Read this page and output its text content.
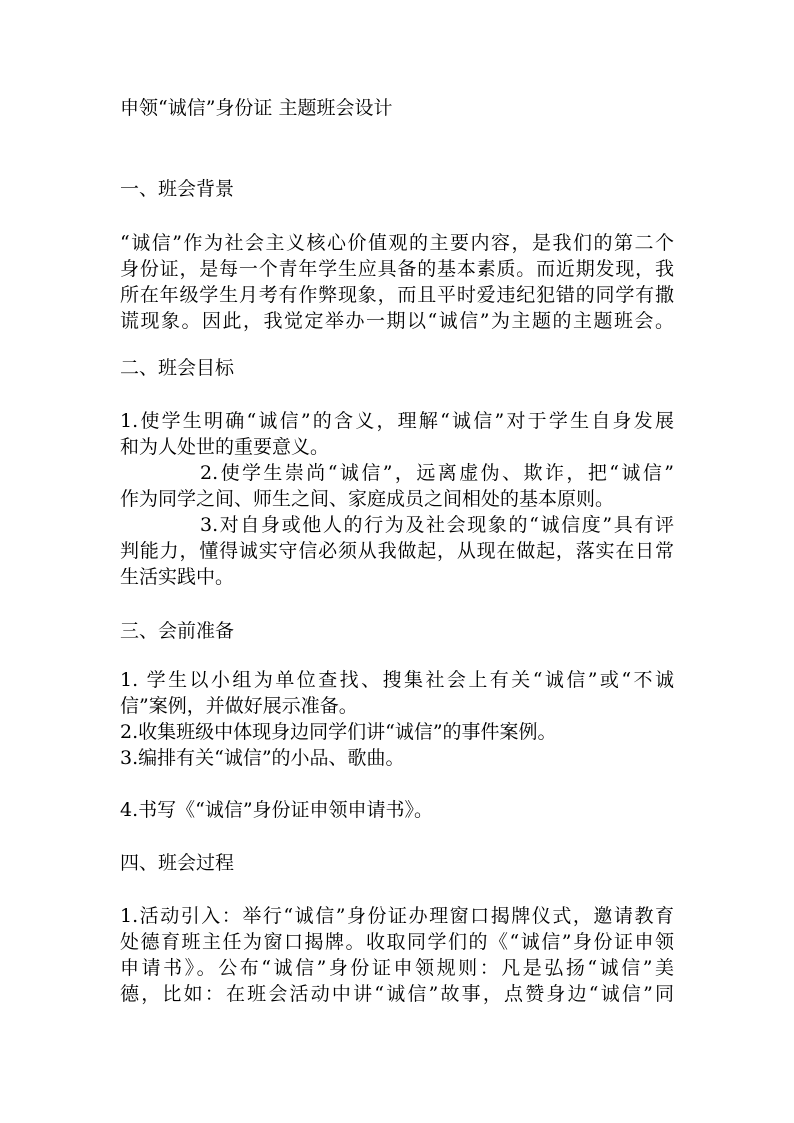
申领“诚信”身份证 主题班会设计
一、班会背景
“诚信”作为社会主义核心价值观的主要内容，是我们的第二个
身份证，是每一个青年学生应具备的基本素质。而近期发现，我
所在年级学生月考有作弊现象，而且平时爱违纪犯错的同学有撒
谎现象。因此，我觉定举办一期以“诚信”为主题的主题班会。
二、班会目标
1.使学生明确“诚信”的含义，理解“诚信”对于学生自身发展
和为人处世的重要意义。
2.使学生崇尚“诚信”，远离虚伪、欺诈，把“诚信”
作为同学之间、师生之间、家庭成员之间相处的基本原则。
3.对自身或他人的行为及社会现象的“诚信度”具有评
判能力，懂得诚实守信必须从我做起，从现在做起，落实在日常
生活实践中。
三、会前准备
1. 学生以小组为单位查找、搜集社会上有关“诚信”或“不诚
信”案例，并做好展示准备。
2.收集班级中体现身边同学们讲“诚信”的事件案例。
3.编排有关“诚信”的小品、歌曲。
4.书写《“诚信”身份证申领申请书》。
四、班会过程
1.活动引入：举行“诚信”身份证办理窗口揭牌仪式，邀请教育
处德育班主任为窗口揭牌。收取同学们的《“诚信”身份证申领
申请书》。公布“诚信”身份证申领规则：凡是弘扬“诚信”美
德，比如：在班会活动中讲“诚信”故事，点赞身边“诚信”同
